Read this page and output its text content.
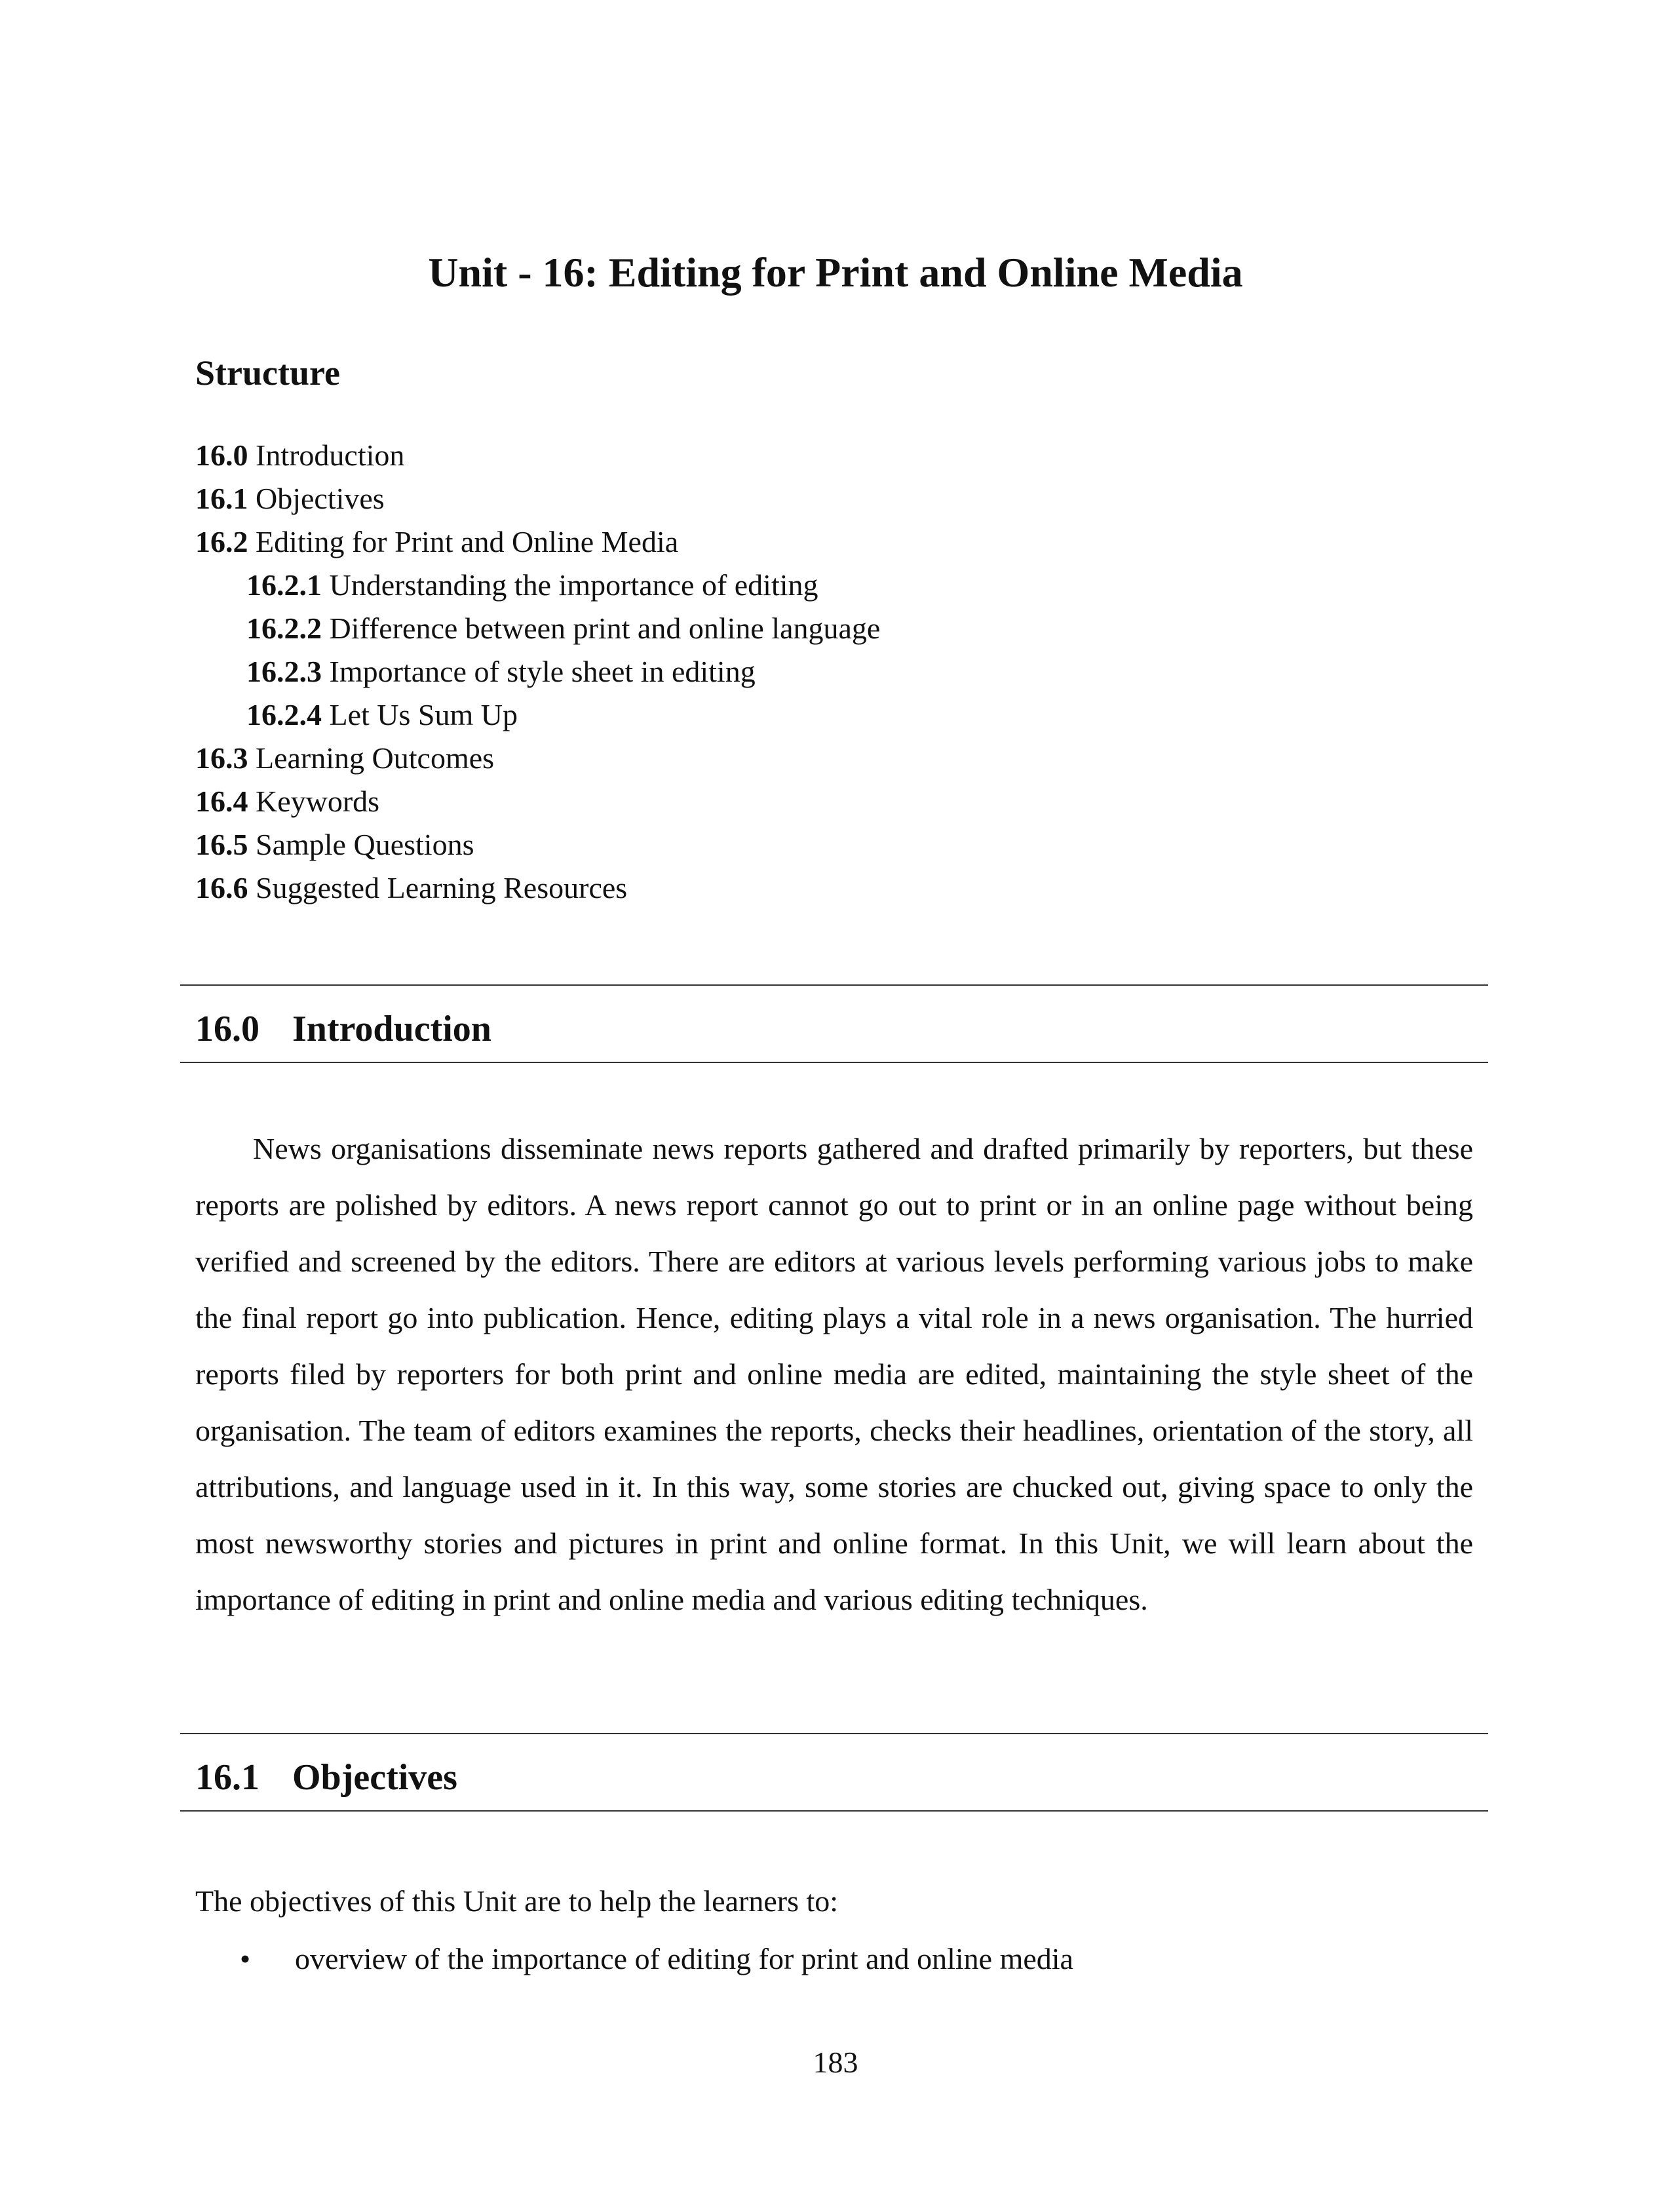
Unit - 16: Editing for Print and Online Media
Structure
16.0 Introduction
16.1 Objectives
16.2 Editing for Print and Online Media
16.2.1 Understanding the importance of editing
16.2.2 Difference between print and online language
16.2.3 Importance of style sheet in editing
16.2.4 Let Us Sum Up
16.3 Learning Outcomes
16.4 Keywords
16.5 Sample Questions
16.6 Suggested Learning Resources
16.0 Introduction

News organisations disseminate news reports gathered and drafted primarily by reporters, but these reports are polished by editors. A news report cannot go out to print or in an online page without being verified and screened by the editors. There are editors at various levels performing various jobs to make the final report go into publication. Hence, editing plays a vital role in a news organisation. The hurried reports filed by reporters for both print and online media are edited, maintaining the style sheet of the organisation. The team of editors examines the reports, checks their headlines, orientation of the story, all attributions, and language used in it. In this way, some stories are chucked out, giving space to only the most newsworthy stories and pictures in print and online format. In this Unit, we will learn about the importance of editing in print and online media and various editing techniques.

16.1 Objectives
The objectives of this Unit are to help the learners to:
• overview of the importance of editing for print and online media
183
